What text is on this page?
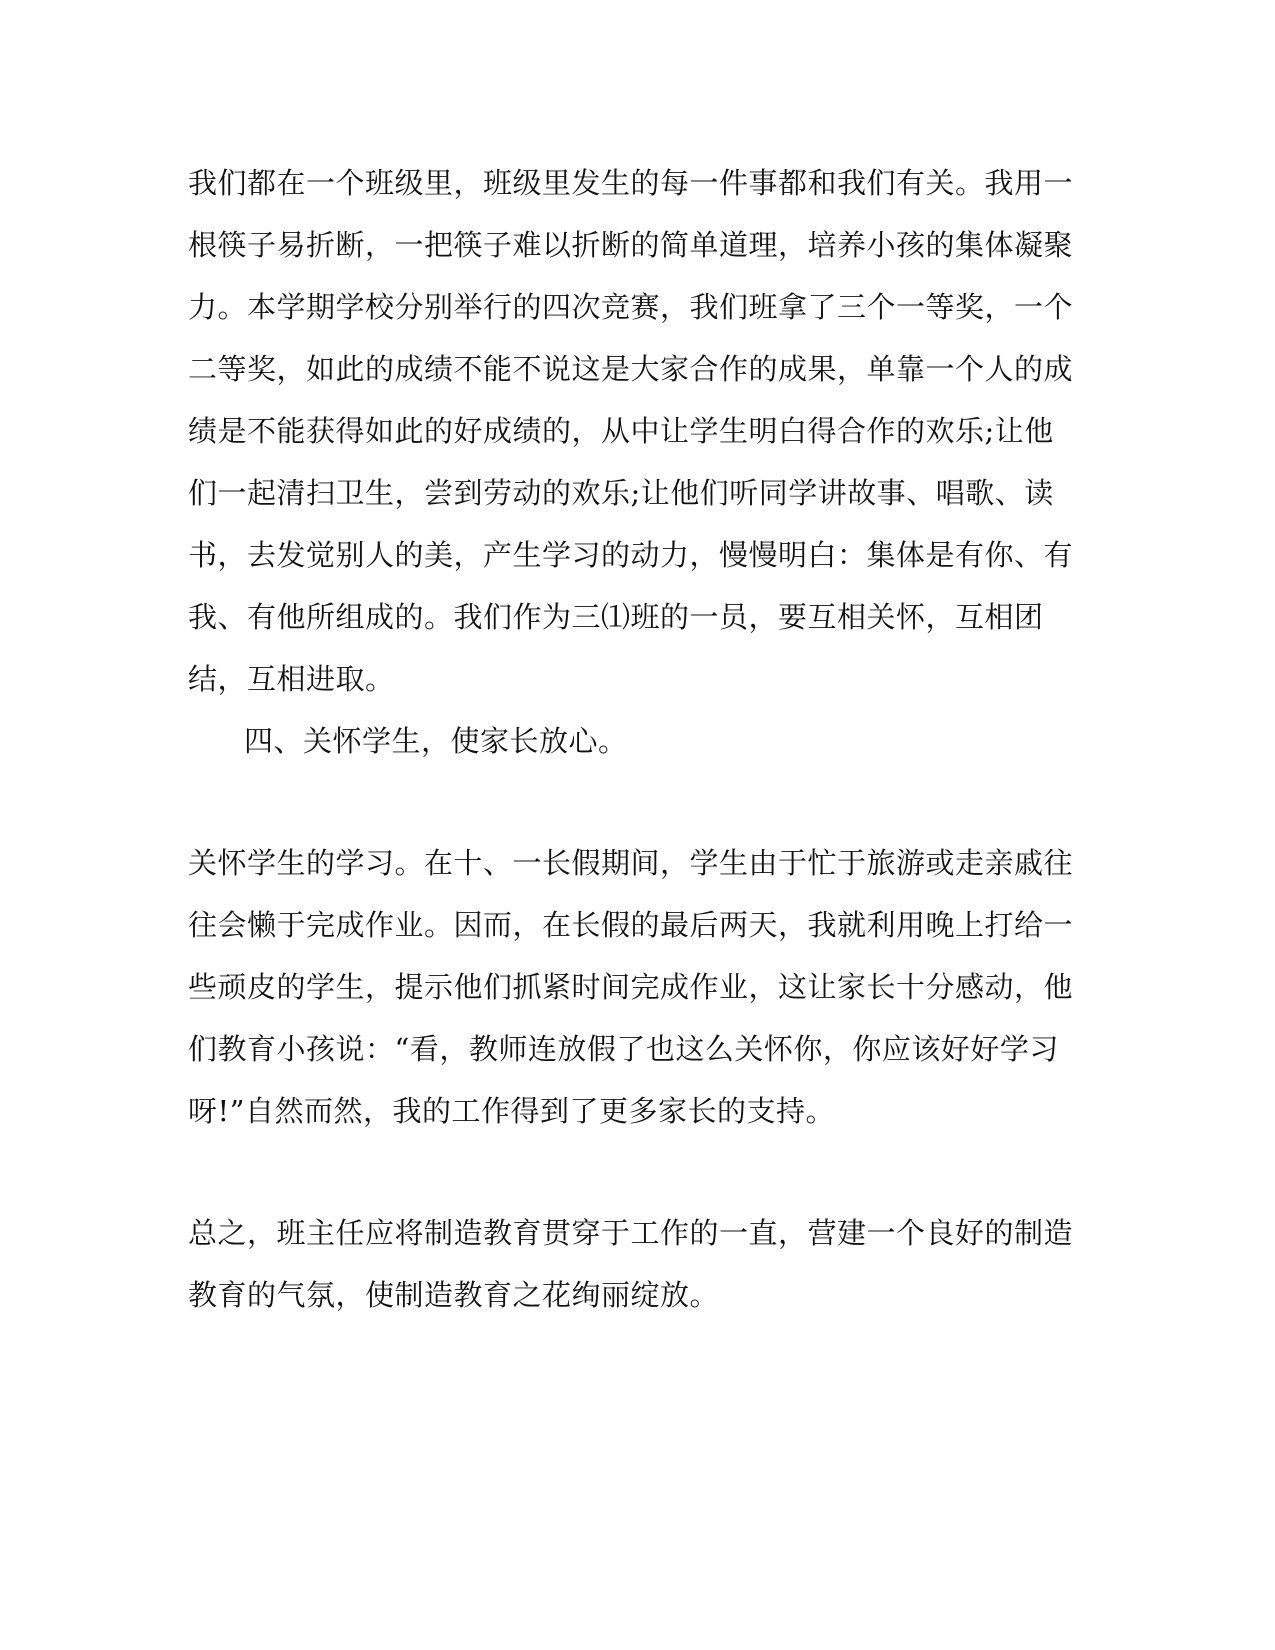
我们都在一个班级里，班级里发生的每一件事都和我们有关。我用一
根筷子易折断，一把筷子难以折断的简单道理，培养小孩的集体凝聚
力。本学期学校分别举行的四次竞赛，我们班拿了三个一等奖，一个
二等奖，如此的成绩不能不说这是大家合作的成果，单靠一个人的成
绩是不能获得如此的好成绩的，从中让学生明白得合作的欢乐;让他
们一起清扫卫生，尝到劳动的欢乐;让他们听同学讲故事、唱歌、读
书，去发觉别人的美，产生学习的动力，慢慢明白：集体是有你、有
我、有他所组成的。我们作为三⑴班的一员，要互相关怀，互相团
结，互相进取。
四、关怀学生，使家长放心。
关怀学生的学习。在十、一长假期间，学生由于忙于旅游或走亲戚往
往会懒于完成作业。因而，在长假的最后两天，我就利用晚上打给一
些顽皮的学生，提示他们抓紧时间完成作业，这让家长十分感动，他
们教育小孩说：“看，教师连放假了也这么关怀你，你应该好好学习
呀!”自然而然，我的工作得到了更多家长的支持。
总之，班主任应将制造教育贯穿于工作的一直，营建一个良好的制造
教育的气氛，使制造教育之花绚丽绽放。
